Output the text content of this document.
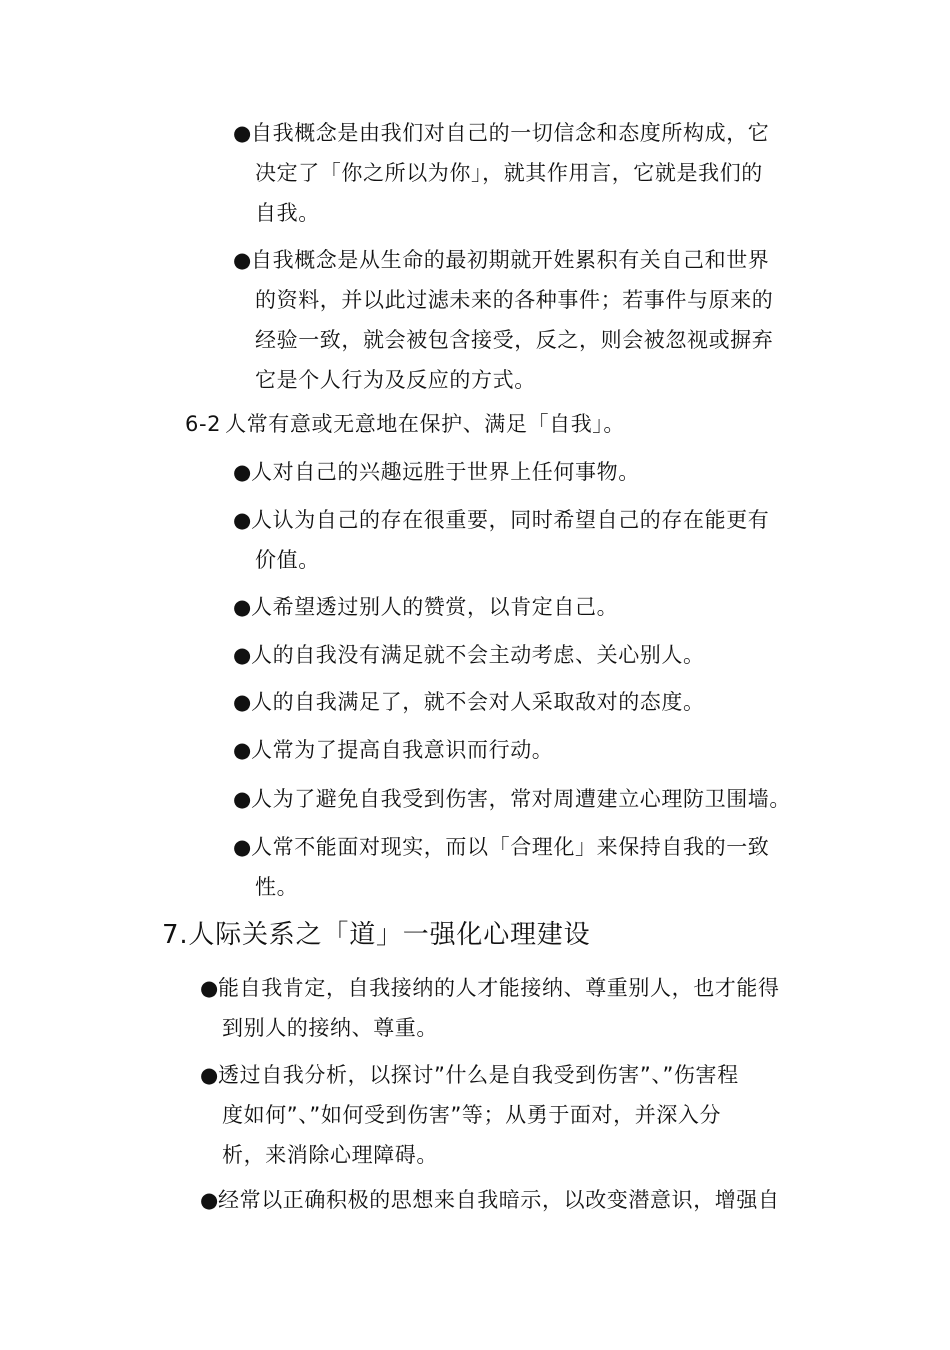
●自我概念是由我们对自己的一切信念和态度所构成，它
决定了「你之所以为你」，就其作用言，它就是我们的
自我。
●自我概念是从生命的最初期就开姓累积有关自己和世界
的资料，并以此过滤未来的各种事件；若事件与原来的
经验一致，就会被包含接受，反之，则会被忽视或摒弃
它是个人行为及反应的方式。
6-2 人常有意或无意地在保护、满足「自我」。
●人对自己的兴趣远胜于世界上任何事物。
●人认为自己的存在很重要，同时希望自己的存在能更有
价值。
●人希望透过别人的赞赏，以肯定自己。
●人的自我没有满足就不会主动考虑、关心别人。
●人的自我满足了，就不会对人采取敌对的态度。
●人常为了提高自我意识而行动。
●人为了避免自我受到伤害，常对周遭建立心理防卫围墙。
●人常不能面对现实，而以「合理化」来保持自我的一致
性。
7.人际关系之「道」一强化心理建设
●能自我肯定，自我接纳的人才能接纳、尊重别人，也才能得
到别人的接纳、尊重。
●透过自我分析，以探讨”什么是自我受到伤害”、”伤害程
度如何”、”如何受到伤害”等；从勇于面对，并深入分
析，来消除心理障碍。
●经常以正确积极的思想来自我暗示，以改变潜意识，增强自
